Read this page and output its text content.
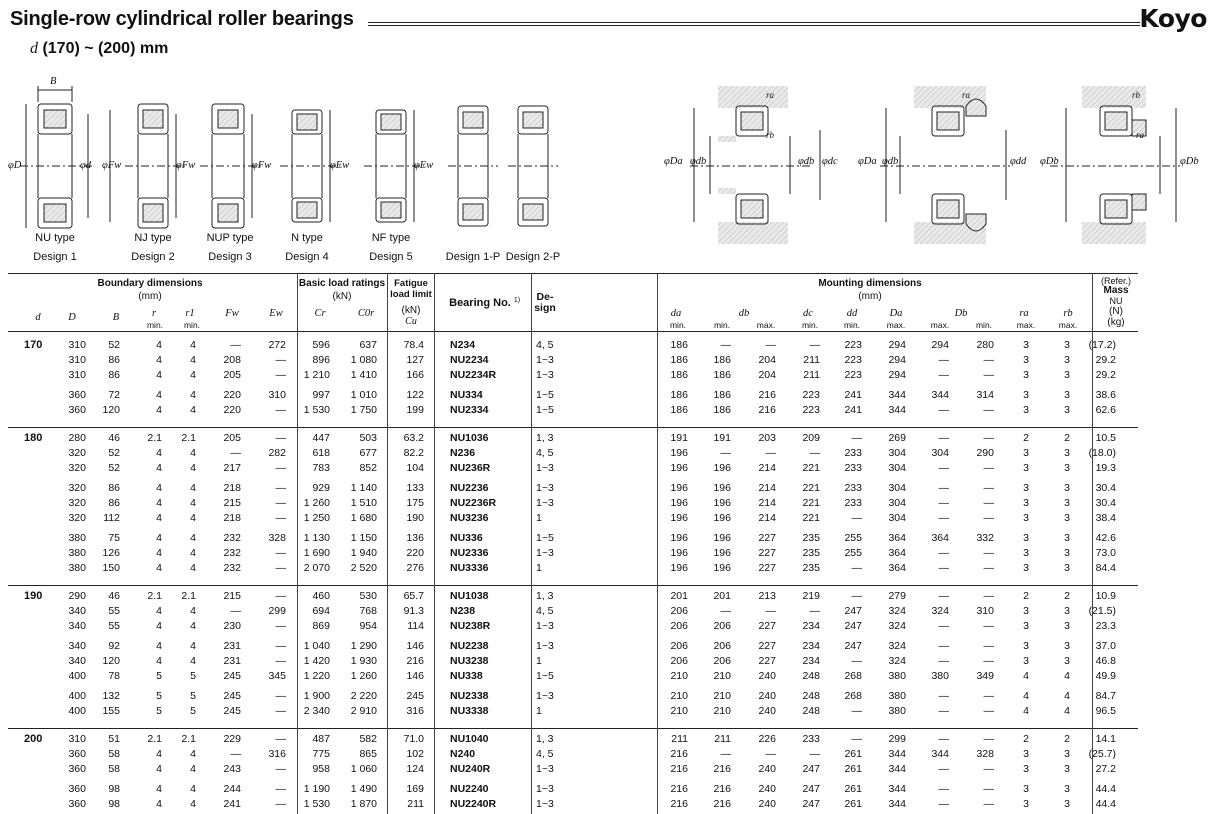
Single-row cylindrical roller bearings	Koyo
d (170) ~ (200) mm
B
φD	φd φFw	φFw	φFw	φEw	φEw	φDa φdb	φdb φdc φDa φdb	φdd φDb	φDb
ra
rb
ra	rb
ra
NU type	NJ type	NUP type	N type	NF type
Design 1	Design 2	Design 3	Design 4	Design 5	Design 1-P Design 2-P
Boundary dimensions
(mm)
Basic load ratings
(kN)
Fatigue load limit
(kN)
Cu
Bearing No. 1)	De- sign
Mounting dimensions
(mm)
(Refer.)
Mass
NU
(N)
(kg)
d	D	B	r
min.
r1
min.
Fw	Ew	Cr	C0r	da
min.
db
min.	max.
dc
min.
dd
min.
Da
max.
Db
max.	min.
ra
max.
rb
max.
170	310	52	4	4	—	272	596	637	78.4 N234	4, 5	186	—	—	—	223	294	294	280	3	3	(17.2)
310	86	4	4	208	—	896	1 080	127 NU2234	1~3	186	186	204	211	223	294	—	—	3	3	29.2
310	86	4	4	205	—	1 210	1 410	166 NU2234R	1~3	186	186	204	211	223	294	—	—	3	3	29.2
360	72	4	4	220	310	997	1 010	122 NU334	1~5	186	186	216	223	241	344	344	314	3	3	38.6
360	120	4	4	220	—	1 530	1 750	199 NU2334	1~5	186	186	216	223	241	344	—	—	3	3	62.6
180	280	46	2.1	2.1	205	—	447	503	63.2 NU1036	1, 3	191	191	203	209	—	269	—	—	2	2	10.5
320	52	4	4	—	282	618	677	82.2 N236	4, 5	196	—	—	—	233	304	304	290	3	3	(18.0)
320	52	4	4	217	—	783	852	104 NU236R	1~3	196	196	214	221	233	304	—	—	3	3	19.3
320	86	4	4	218	—	929	1 140	133 NU2236	1~3	196	196	214	221	233	304	—	—	3	3	30.4
320	86	4	4	215	—	1 260	1 510	175 NU2236R	1~3	196	196	214	221	233	304	—	—	3	3	30.4
320	112	4	4	218	—	1 250	1 680	190 NU3236	1	196	196	214	221	—	304	—	—	3	3	38.4
380	75	4	4	232	328	1 130	1 150	136 NU336	1~5	196	196	227	235	255	364	364	332	3	3	42.6
380	126	4	4	232	—	1 690	1 940	220 NU2336	1~3	196	196	227	235	255	364	—	—	3	3	73.0
380	150	4	4	232	—	2 070	2 520	276 NU3336	1	196	196	227	235	—	364	—	—	3	3	84.4
190	290	46	2.1	2.1	215	—	460	530	65.7 NU1038	1, 3	201	201	213	219	—	279	—	—	2	2	10.9
340	55	4	4	—	299	694	768	91.3 N238	4, 5	206	—	—	—	247	324	324	310	3	3	(21.5)
340	55	4	4	230	—	869	954	114 NU238R	1~3	206	206	227	234	247	324	—	—	3	3	23.3
340	92	4	4	231	—	1 040	1 290	146 NU2238	1~3	206	206	227	234	247	324	—	—	3	3	37.0
340	120	4	4	231	—	1 420	1 930	216 NU3238	1	206	206	227	234	—	324	—	—	3	3	46.8
400	78	5	5	245	345	1 220	1 260	146 NU338	1~5	210	210	240	248	268	380	380	349	4	4	49.9
400	132	5	5	245	—	1 900	2 220	245 NU2338	1~3	210	210	240	248	268	380	—	—	4	4	84.7
400	155	5	5	245	—	2 340	2 910	316 NU3338	1	210	210	240	248	—	380	—	—	4	4	96.5
200	310	51	2.1	2.1	229	—	487	582	71.0 NU1040	1, 3	211	211	226	233	—	299	—	—	2	2	14.1
360	58	4	4	—	316	775	865	102 N240	4, 5	216	—	—	—	261	344	344	328	3	3	(25.7)
360	58	4	4	243	—	958	1 060	124 NU240R	1~3	216	216	240	247	261	344	—	—	3	3	27.2
360	98	4	4	244	—	1 190	1 490	169 NU2240	1~3	216	216	240	247	261	344	—	—	3	3	44.4
360	98	4	4	241	—	1 530	1 870	211 NU2240R	1~3	216	216	240	247	261	344	—	—	3	3	44.4
